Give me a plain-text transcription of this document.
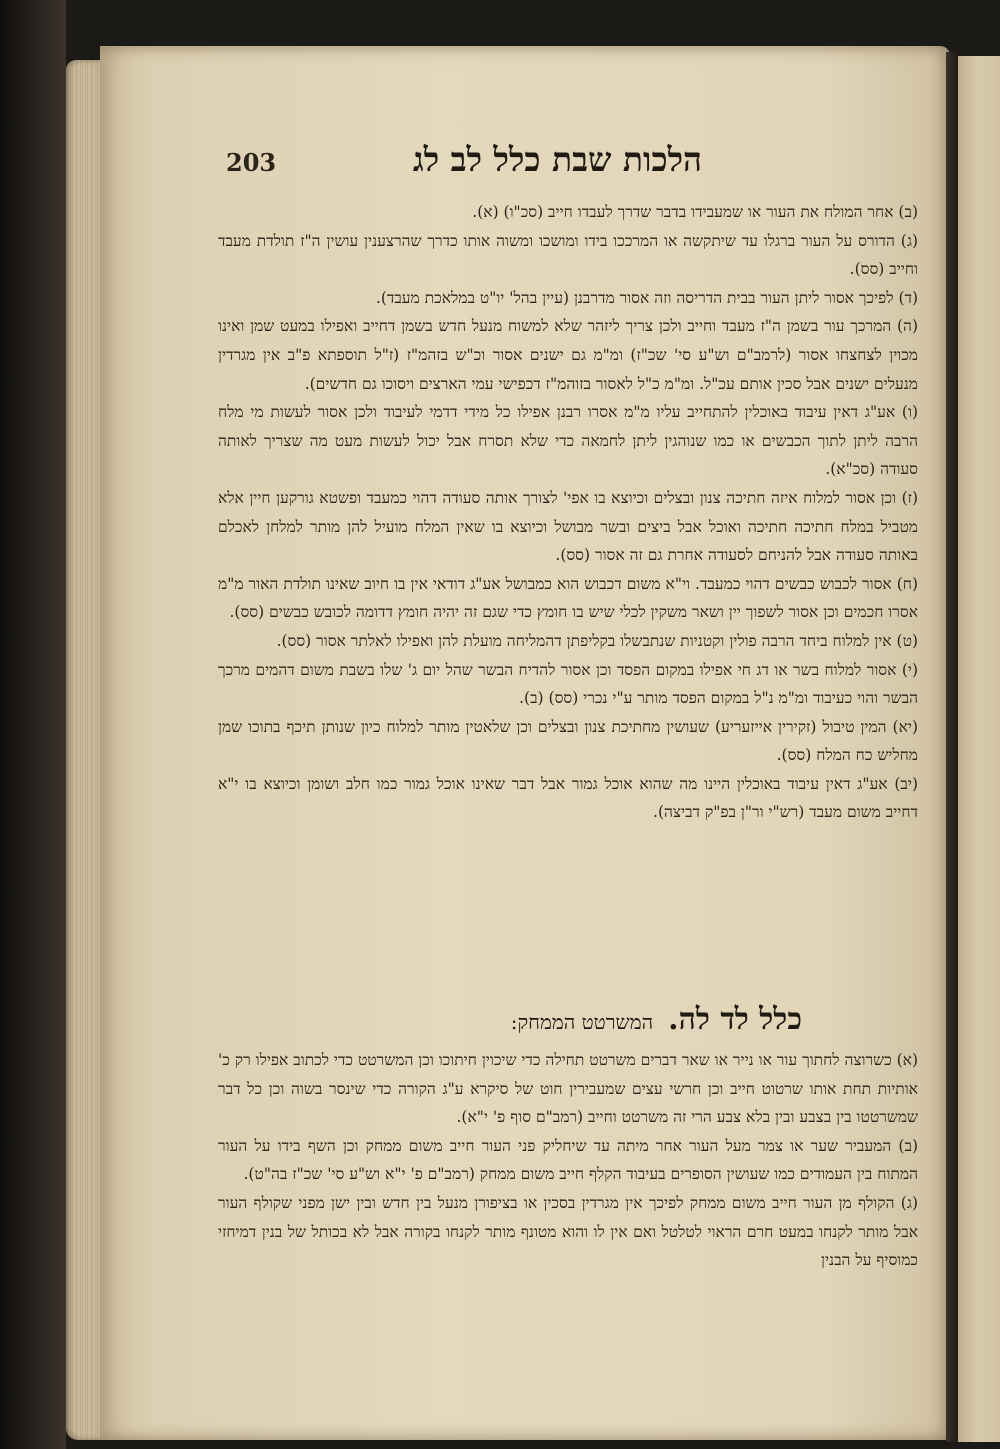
203	הלכות שבת כלל לב לג

(ב) אחר המולח את העור או שמעבידו בדבר שדרך לעבדו חייב (סכ"ו) (א).

(ג) הדורס על העור ברגלו עד שיתקשה או המרככו בידו ומושכו ומשוה אותו כדרך שהרצענין עושין ה"ז תולדת מעבד וחייב (סס).

(ד) לפיכך אסור ליתן העור בבית הדריסה וזה אסור מדרבנן (עיין בהל' יו"ט במלאכת מעבד).

(ה) המרכך עור בשמן ה"ז מעבד וחייב ולכן צריך ליזהר שלא למשוח מנעל חדש בשמן דחייב ואפילו במעט שמן ואינו מכוין לצחצחו אסור (לרמב"ם וש"ע סי' שכ"ז) ומ"מ גם ישנים אסור וכ"ש בזהמ"ז (ז"ל תוספתא פ"ב אין מגרדין מנעלים ישנים אבל סכין אותם עכ"ל. ומ"מ כ"ל לאסור בזוהמ"ז דכפישי עמי הארצים ויסוכו גם חדשים).

(ו) אע"ג דאין עיבוד באוכלין להתחייב עליו מ"מ אסרו רבנן אפילו כל מידי דדמי לעיבוד ולכן אסור לעשות מי מלח הרבה ליתן לתוך הכבשים או כמו שנוהגין ליתן לחמאה כדי שלא תסרח אבל יכול לעשות מעט מה שצריך לאותה סעודה (סכ"א).

(ז) וכן אסור למלוח איזה חתיכה צנון ובצלים וכיוצא בו אפי' לצורך אותה סעודה דהוי כמעבד ופשטא גורקען חיין אלא מטביל במלח חתיכה חתיכה ואוכל אבל ביצים ובשר מבושל וכיוצא בו שאין המלח מועיל להן מותר למלחן לאכלם באותה סעודה אבל להניחם לסעודה אחרת גם זה אסור (סס).

(ח) אסור לכבוש כבשים דהוי כמעבד. וי"א משום דכבוש הוא כמבושל אע"ג דודאי אין בו חיוב שאינו תולדת האור מ"מ אסרו חכמים וכן אסור לשפוך יין ושאר משקין לכלי שיש בו חומץ כדי שגם זה יהיה חומץ דדומה לכובש כבשים (סס).

(ט) אין למלוח ביחד הרבה פולין וקטניות שנתבשלו בקליפתן דהמליחה מועלת להן ואפילו לאלתר אסור (סס).

(י) אסור למלוח בשר או דג חי אפילו במקום הפסד וכן אסור להדיח הבשר שהל יום ג' שלו בשבת משום דהמים מרכך הבשר והוי כעיבוד ומ"מ נ"ל במקום הפסד מותר ע"י נכרי (סס) (ב).

(יא) המין טיבול (זקירין אייזעריע) שעושין מחתיכת צנון ובצלים וכן שלאטין מותר למלוח כיון שנותן תיכף בתוכו שמן מחליש כח המלח (סס).

(יב) אע"ג דאין עיבוד באוכלין היינו מה שהוא אוכל גמור אבל דבר שאינו אוכל גמור כמו חלב ושומן וכיוצא בו י"א דחייב משום מעבד (רש"י ור"ן בפ"ק דביצה).

כלל לד לה. המשרטט הממחק:

(א) כשרוצה לחתוך עור או נייר או שאר דברים משרטט תחילה כדי שיכוין חיתוכו וכן המשרטט כדי לכתוב אפילו רק כ' אותיות תחת אותו שרטוט חייב וכן חרשי עצים שמעבירין חוט של סיקרא ע"ג הקורה כדי שינסר בשוה וכן כל דבר שמשרטטו בין בצבע ובין בלא צבע הרי זה משרטט וחייב (רמב"ם סוף פ' י"א).

(ב) המעביר שער או צמר מעל העור אחר מיתה עד שיחליק פני העור חייב משום ממחק וכן השף בידו על העור המתוח בין העמודים כמו שעושין הסופרים בעיבוד הקלף חייב משום ממחק (רמב"ם פ' י"א וש"ע סי' שכ"ז בה"ט).

(ג) הקולף מן העור חייב משום ממחק לפיכך אין מגרדין בסכין או בציפורן מנעל בין חדש ובין ישן מפני שקולף העור אבל מותר לקנחו במעט חרם הראוי לטלטל ואם אין לו והוא מטונף מותר לקנחו בקורה אבל לא בכותל של בנין דמיחזי כמוסיף על הבנין
